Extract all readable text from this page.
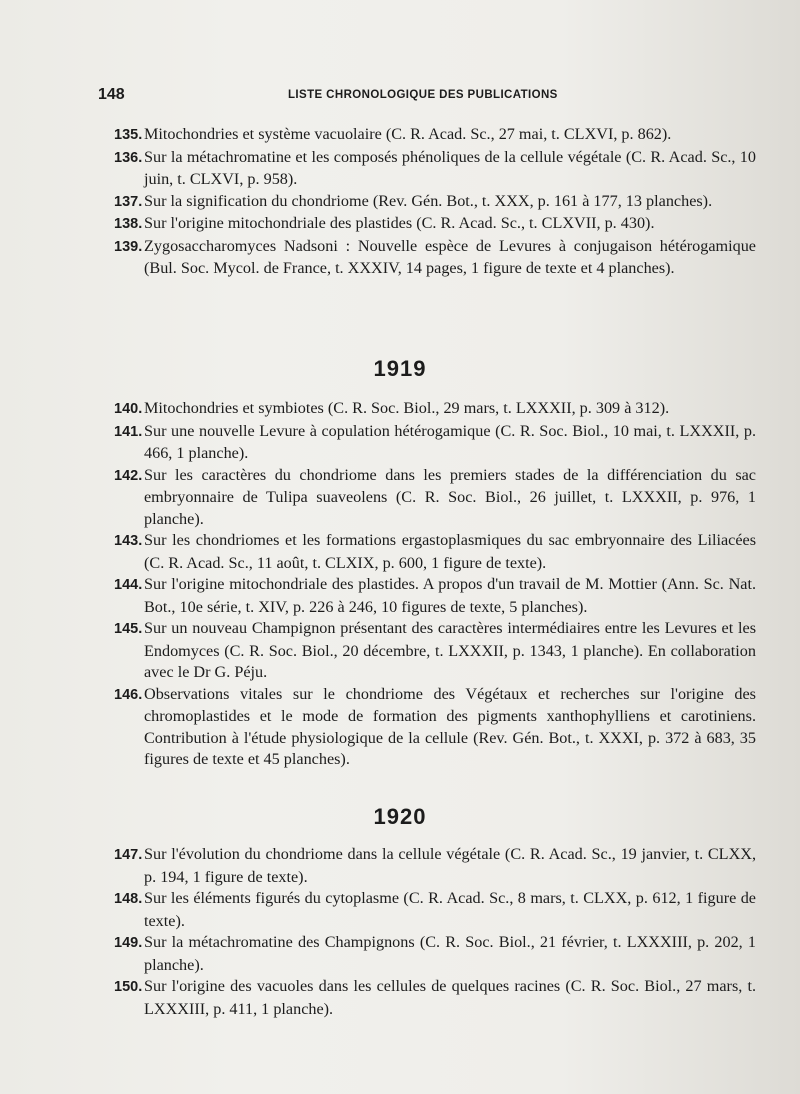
148	LISTE CHRONOLOGIQUE DES PUBLICATIONS

135. Mitochondries et système vacuolaire (C. R. Acad. Sc., 27 mai, t. CLXVI, p. 862).

136. Sur la métachromatine et les composés phénoliques de la cellule végétale (C. R. Acad. Sc., 10 juin, t. CLXVI, p. 958).

137. Sur la signification du chondriome (Rev. Gén. Bot., t. XXX, p. 161 à 177, 13 planches).

138. Sur l'origine mitochondriale des plastides (C. R. Acad. Sc., t. CLXVII, p. 430).

139. Zygosaccharomyces Nadsoni : Nouvelle espèce de Levures à conjugaison hétérogamique (Bul. Soc. Mycol. de France, t. XXXIV, 14 pages, 1 figure de texte et 4 planches).

1919

140. Mitochondries et symbiotes (C. R. Soc. Biol., 29 mars, t. LXXXII, p. 309 à 312).

141. Sur une nouvelle Levure à copulation hétérogamique (C. R. Soc. Biol., 10 mai, t. LXXXII, p. 466, 1 planche).

142. Sur les caractères du chondriome dans les premiers stades de la différenciation du sac embryonnaire de Tulipa suaveolens (C. R. Soc. Biol., 26 juillet, t. LXXXII, p. 976, 1 planche).

143. Sur les chondriomes et les formations ergastoplasmiques du sac embryonnaire des Liliacées (C. R. Acad. Sc., 11 août, t. CLXIX, p. 600, 1 figure de texte).

144. Sur l'origine mitochondriale des plastides. A propos d'un travail de M. Mottier (Ann. Sc. Nat. Bot., 10e série, t. XIV, p. 226 à 246, 10 figures de texte, 5 planches).

145. Sur un nouveau Champignon présentant des caractères intermédiaires entre les Levures et les Endomyces (C. R. Soc. Biol., 20 décembre, t. LXXXII, p. 1343, 1 planche). En collaboration avec le Dr G. Péju.

146. Observations vitales sur le chondriome des Végétaux et recherches sur l'origine des chromoplastides et le mode de formation des pigments xanthophylliens et carotiniens. Contribution à l'étude physiologique de la cellule (Rev. Gén. Bot., t. XXXI, p. 372 à 683, 35 figures de texte et 45 planches).

1920

147. Sur l'évolution du chondriome dans la cellule végétale (C. R. Acad. Sc., 19 janvier, t. CLXX, p. 194, 1 figure de texte).

148. Sur les éléments figurés du cytoplasme (C. R. Acad. Sc., 8 mars, t. CLXX, p. 612, 1 figure de texte).

149. Sur la métachromatine des Champignons (C. R. Soc. Biol., 21 février, t. LXXXIII, p. 202, 1 planche).

150. Sur l'origine des vacuoles dans les cellules de quelques racines (C. R. Soc. Biol., 27 mars, t. LXXXIII, p. 411, 1 planche).
